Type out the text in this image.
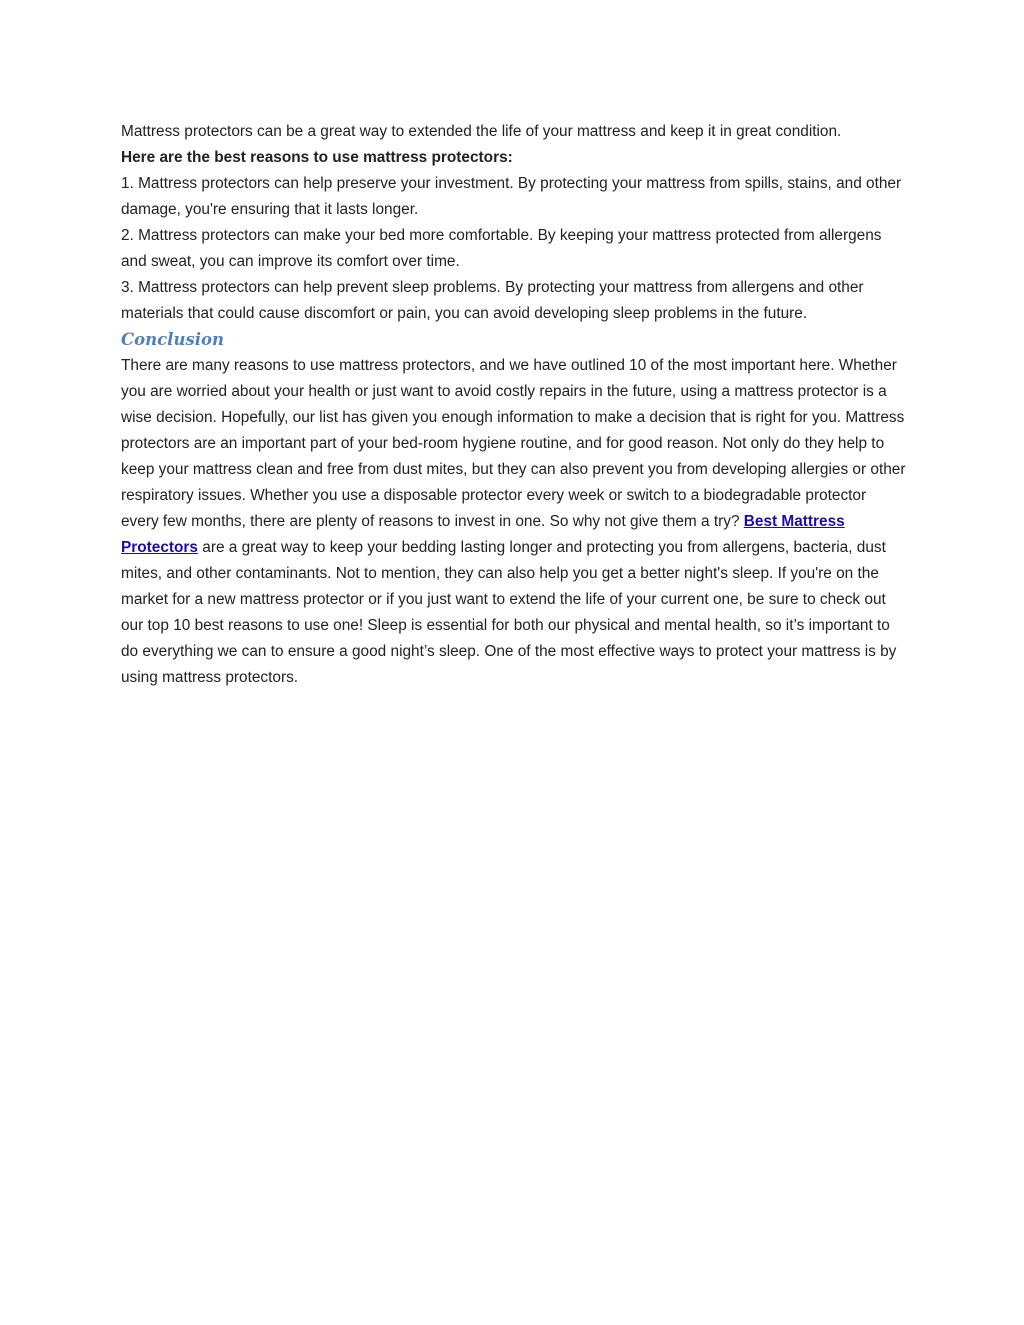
Mattress protectors can be a great way to extended the life of your mattress and keep it in great condition.

Here are the best reasons to use mattress protectors:

1. Mattress protectors can help preserve your investment. By protecting your mattress from spills, stains, and other damage, you're ensuring that it lasts longer.

2. Mattress protectors can make your bed more comfortable. By keeping your mattress protected from allergens and sweat, you can improve its comfort over time.

3. Mattress protectors can help prevent sleep problems. By protecting your mattress from allergens and other materials that could cause discomfort or pain, you can avoid developing sleep problems in the future.

Conclusion

There are many reasons to use mattress protectors, and we have outlined 10 of the most important here. Whether you are worried about your health or just want to avoid costly repairs in the future, using a mattress protector is a wise decision. Hopefully, our list has given you enough information to make a decision that is right for you. Mattress protectors are an important part of your bed-room hygiene routine, and for good reason. Not only do they help to keep your mattress clean and free from dust mites, but they can also prevent you from developing allergies or other respiratory issues. Whether you use a disposable protector every week or switch to a biodegradable protector every few months, there are plenty of reasons to invest in one. So why not give them a try? Best Mattress Protectors are a great way to keep your bedding lasting longer and protecting you from allergens, bacteria, dust mites, and other contaminants. Not to mention, they can also help you get a better night's sleep. If you're on the market for a new mattress protector or if you just want to extend the life of your current one, be sure to check out our top 10 best reasons to use one! Sleep is essential for both our physical and mental health, so it’s important to do everything we can to ensure a good night’s sleep. One of the most effective ways to protect your mattress is by using mattress protectors.
